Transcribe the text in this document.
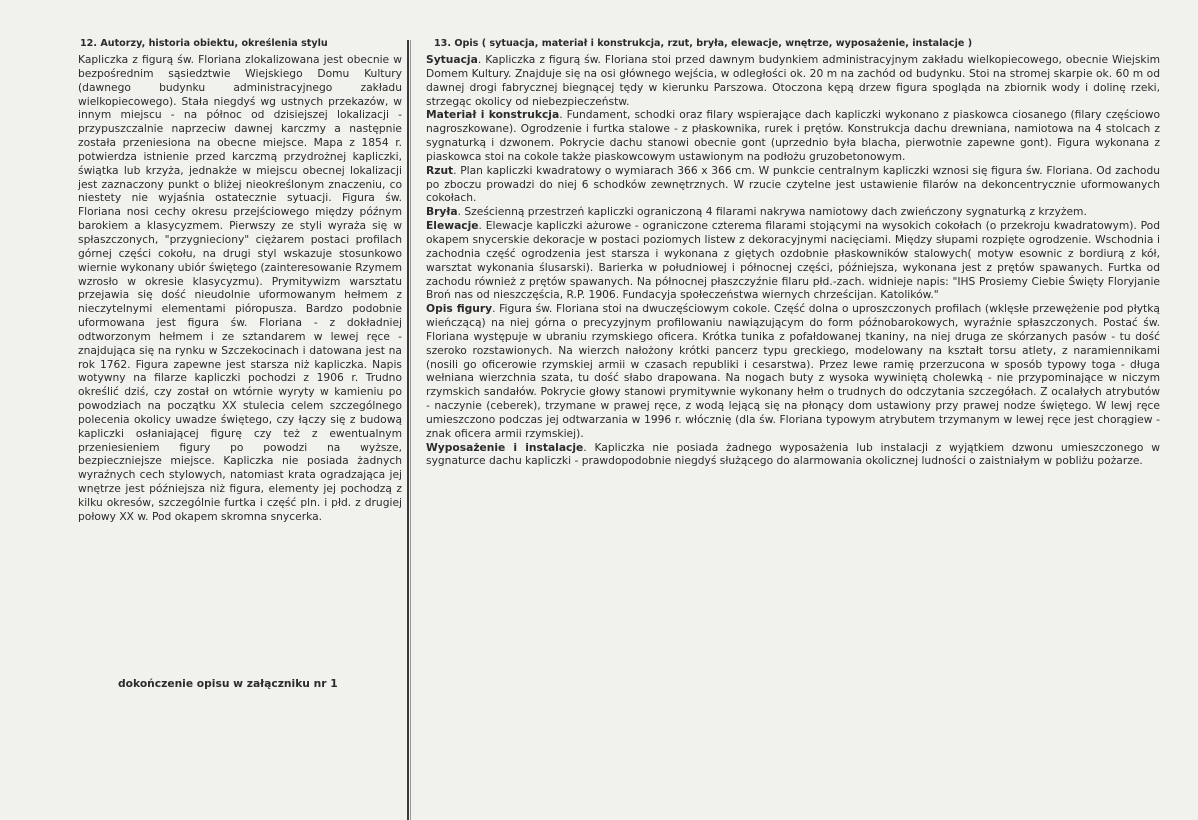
12. Autorzy, historia obiektu, określenia stylu

Kapliczka z figurą św. Floriana zlokalizowana jest obecnie w bezpośrednim sąsiedztwie Wiejskiego Domu Kultury (dawnego budynku administracyjnego zakładu wielkopiecowego). Stała niegdyś wg ustnych przekazów, w innym miejscu - na północ od dzisiejszej lokalizacji - przypuszczalnie naprzeciw dawnej karczmy a następnie została przeniesiona na obecne miejsce. Mapa z 1854 r. potwierdza istnienie przed karczmą przydrożnej kapliczki, świątka lub krzyża, jednakże w miejscu obecnej lokalizacji jest zaznaczony punkt o bliżej nieokreślonym znaczeniu, co niestety nie wyjaśnia ostatecznie sytuacji. Figura św. Floriana nosi cechy okresu przejściowego między późnym barokiem a klasycyzmem. Pierwszy ze styli wyraża się w spłaszczonych, "przygnieciony" ciężarem postaci profilach górnej części cokołu, na drugi styl wskazuje stosunkowo wiernie wykonany ubiór świętego (zainteresowanie Rzymem wzrosło w okresie klasycyzmu). Prymitywizm warsztatu przejawia się dość nieudolnie uformowanym hełmem z nieczytelnymi elementami pióropusza. Bardzo podobnie uformowana jest figura św. Floriana - z dokładniej odtworzonym hełmem i ze sztandarem w lewej ręce - znajdująca się na rynku w Szczekocinach i datowana jest na rok 1762. Figura zapewne jest starsza niż kapliczka. Napis wotywny na filarze kapliczki pochodzi z 1906 r. Trudno określić dziś, czy został on wtórnie wyryty w kamieniu po powodziach na początku XX stulecia celem szczególnego polecenia okolicy uwadze świętego, czy łączy się z budową kapliczki osłaniającej figurę czy też z ewentualnym przeniesieniem figury po powodzi na wyższe, bezpieczniejsze miejsce. Kapliczka nie posiada żadnych wyraźnych cech stylowych, natomiast krata ogradzająca jej wnętrze jest późniejsza niż figura, elementy jej pochodzą z kilku okresów, szczególnie furtka i część pln. i płd. z drugiej połowy XX w. Pod okapem skromna snycerka.

dokończenie opisu w załączniku nr 1
13. Opis ( sytuacja, materiał i konstrukcja, rzut, bryła, elewacje, wnętrze, wyposażenie, instalacje )

Sytuacja. Kapliczka z figurą św. Floriana stoi przed dawnym budynkiem administracyjnym zakładu wielkopiecowego, obecnie Wiejskim Domem Kultury. Znajduje się na osi głównego wejścia, w odległości ok. 20 m na zachód od budynku. Stoi na stromej skarpie ok. 60 m od dawnej drogi fabrycznej biegnącej tędy w kierunku Parszowa. Otoczona kępą drzew figura spogląda na zbiornik wody i dolinę rzeki, strzegąc okolicy od niebezpieczeństw.

Materiał i konstrukcja. Fundament, schodki oraz filary wspierające dach kapliczki wykonano z piaskowca ciosanego (filary częściowo nagroszkowane). Ogrodzenie i furtka stalowe - z płaskownika, rurek i prętów. Konstrukcja dachu drewniana, namiotowa na 4 stolcach z sygnaturką i dzwonem. Pokrycie dachu stanowi obecnie gont (uprzednio była blacha, pierwotnie zapewne gont). Figura wykonana z piaskowca stoi na cokole także piaskowcowym ustawionym na podłożu gruzobetonowym.

Rzut. Plan kapliczki kwadratowy o wymiarach 366 x 366 cm. W punkcie centralnym kapliczki wznosi się figura św. Floriana. Od zachodu po zboczu prowadzi do niej 6 schodków zewnętrznych. W rzucie czytelne jest ustawienie filarów na dekoncentrycznie uformowanych cokołach.

Bryła. Sześcienną przestrzeń kapliczki ograniczoną 4 filarami nakrywa namiotowy dach zwieńczony sygnaturką z krzyżem.

Elewacje. Elewacje kapliczki ażurowe - ograniczone czterema filarami stojącymi na wysokich cokołach (o przekroju kwadratowym). Pod okapem snycerskie dekoracje w postaci poziomych listew z dekoracyjnymi nacięciami. Między słupami rozpięte ogrodzenie. Wschodnia i zachodnia część ogrodzenia jest starsza i wykonana z giętych ozdobnie płaskowników stalowych( motyw esownic z bordiurą z kół, warsztat wykonania ślusarski). Barierka w południowej i północnej części, późniejsza, wykonana jest z prętów spawanych. Furtka od zachodu również z prętów spawanych. Na północnej płaszczyźnie filaru płd.-zach. widnieje napis: "IHS Prosiemy Ciebie Święty Floryjanie Broń nas od nieszczęścia, R.P. 1906. Fundacyja społeczeństwa wiernych chrześcijan. Katolików."

Opis figury. Figura św. Floriana stoi na dwuczęściowym cokole. Część dolna o uproszczonych profilach (wklęsłe przewężenie pod płytką wieńczącą) na niej górna o precyzyjnym profilowaniu nawiązującym do form późnobarokowych, wyraźnie spłaszczonych. Postać św. Floriana występuje w ubraniu rzymskiego oficera. Krótka tunika z pofałdowanej tkaniny, na niej druga ze skórzanych pasów - tu dość szeroko rozstawionych. Na wierzch nałożony krótki pancerz typu greckiego, modelowany na kształt torsu atlety, z naramiennikami (nosili go oficerowie rzymskiej armii w czasach republiki i cesarstwa). Przez lewe ramię przerzucona w sposób typowy toga - długa wełniana wierzchnia szata, tu dość słabo drapowana. Na nogach buty z wysoka wywiniętą cholewką - nie przypominające w niczym rzymskich sandałów. Pokrycie głowy stanowi prymitywnie wykonany hełm o trudnych do odczytania szczegółach. Z ocalałych atrybutów - naczynie (ceberek), trzymane w prawej ręce, z wodą lejącą się na płonący dom ustawiony przy prawej nodze świętego. W lewj ręce umieszczono podczas jej odtwarzania w 1996 r. włócznię (dla św. Floriana typowym atrybutem trzymanym w lewej ręce jest chorągiew - znak oficera armii rzymskiej).

Wyposażenie i instalacje. Kapliczka nie posiada żadnego wyposażenia lub instalacji z wyjątkiem dzwonu umieszczonego w sygnaturce dachu kapliczki - prawdopodobnie niegdyś służącego do alarmowania okolicznej ludności o zaistniałym w pobliżu pożarze.
